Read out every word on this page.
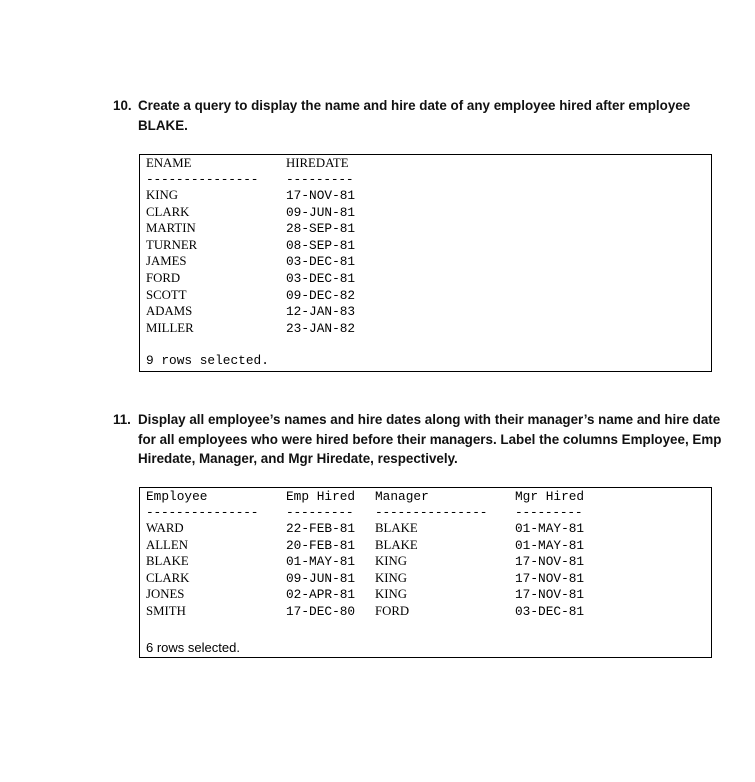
10. Create a query to display the name and hire date of any employee hired after employee
BLAKE.
ENAME	HIREDATE
--------------- ---------
KING	17-NOV-81
CLARK	09-JUN-81
MARTIN	28-SEP-81
TURNER	08-SEP-81
JAMES	03-DEC-81
FORD	03-DEC-81
SCOTT	09-DEC-82
ADAMS	12-JAN-83
MILLER	23-JAN-82
9 rows selected.
11. Display all employee’s names and hire dates along with their manager’s name and hire date
for all employees who were hired before their managers. Label the columns Employee, Emp
Hiredate, Manager, and Mgr Hiredate, respectively.
Employee	Emp Hired Manager	Mgr Hired
--------------- --------- --------------- ---------
WARD	22-FEB-81 BLAKE	01-MAY-81
ALLEN	20-FEB-81 BLAKE	01-MAY-81
BLAKE	01-MAY-81 KING	17-NOV-81
CLARK	09-JUN-81 KING	17-NOV-81
JONES	02-APR-81 KING	17-NOV-81
SMITH	17-DEC-80 FORD	03-DEC-81
6 rows selected.
